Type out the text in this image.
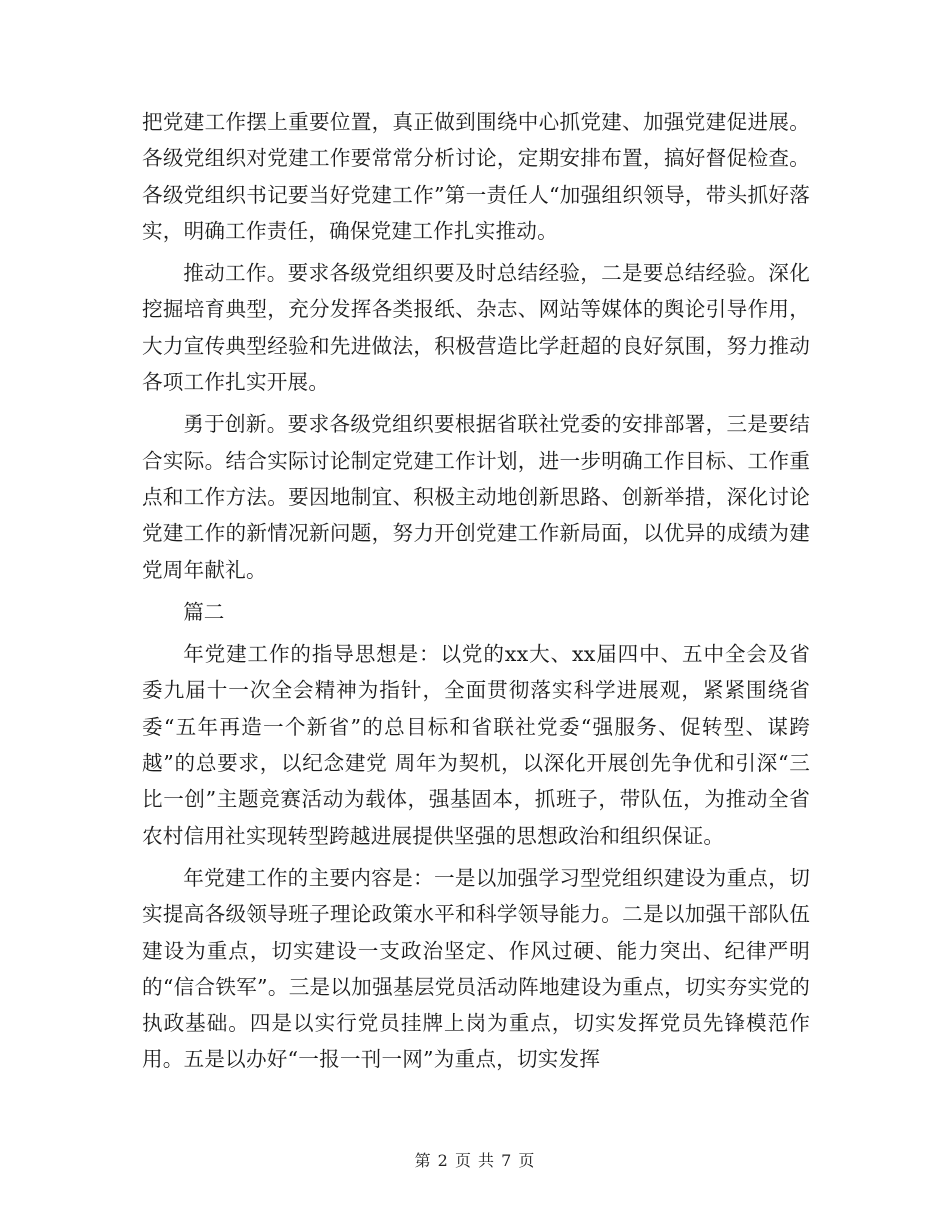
把党建工作摆上重要位置，真正做到围绕中心抓党建、加强党建促进展。各级党组织对党建工作要常常分析讨论，定期安排布置，搞好督促检查。各级党组织书记要当好党建工作”第一责任人“加强组织领导，带头抓好落实，明确工作责任，确保党建工作扎实推动。

推动工作。要求各级党组织要及时总结经验，二是要总结经验。深化挖掘培育典型，充分发挥各类报纸、杂志、网站等媒体的舆论引导作用，大力宣传典型经验和先进做法，积极营造比学赶超的良好氛围，努力推动各项工作扎实开展。

勇于创新。要求各级党组织要根据省联社党委的安排部署，三是要结合实际。结合实际讨论制定党建工作计划，进一步明确工作目标、工作重点和工作方法。要因地制宜、积极主动地创新思路、创新举措，深化讨论党建工作的新情况新问题，努力开创党建工作新局面，以优异的成绩为建党周年献礼。

篇二

年党建工作的指导思想是：以党的xx大、xx届四中、五中全会及省委九届十一次全会精神为指针，全面贯彻落实科学进展观，紧紧围绕省委“五年再造一个新省”的总目标和省联社党委“强服务、促转型、谋跨越”的总要求，以纪念建党 周年为契机，以深化开展创先争优和引深“三比一创”主题竞赛活动为载体，强基固本，抓班子，带队伍，为推动全省农村信用社实现转型跨越进展提供坚强的思想政治和组织保证。

年党建工作的主要内容是：一是以加强学习型党组织建设为重点，切实提高各级领导班子理论政策水平和科学领导能力。二是以加强干部队伍建设为重点，切实建设一支政治坚定、作风过硬、能力突出、纪律严明的“信合铁军”。三是以加强基层党员活动阵地建设为重点，切实夯实党的执政基础。四是以实行党员挂牌上岗为重点，切实发挥党员先锋模范作用。五是以办好“一报一刊一网”为重点，切实发挥

第 2 页 共 7 页
